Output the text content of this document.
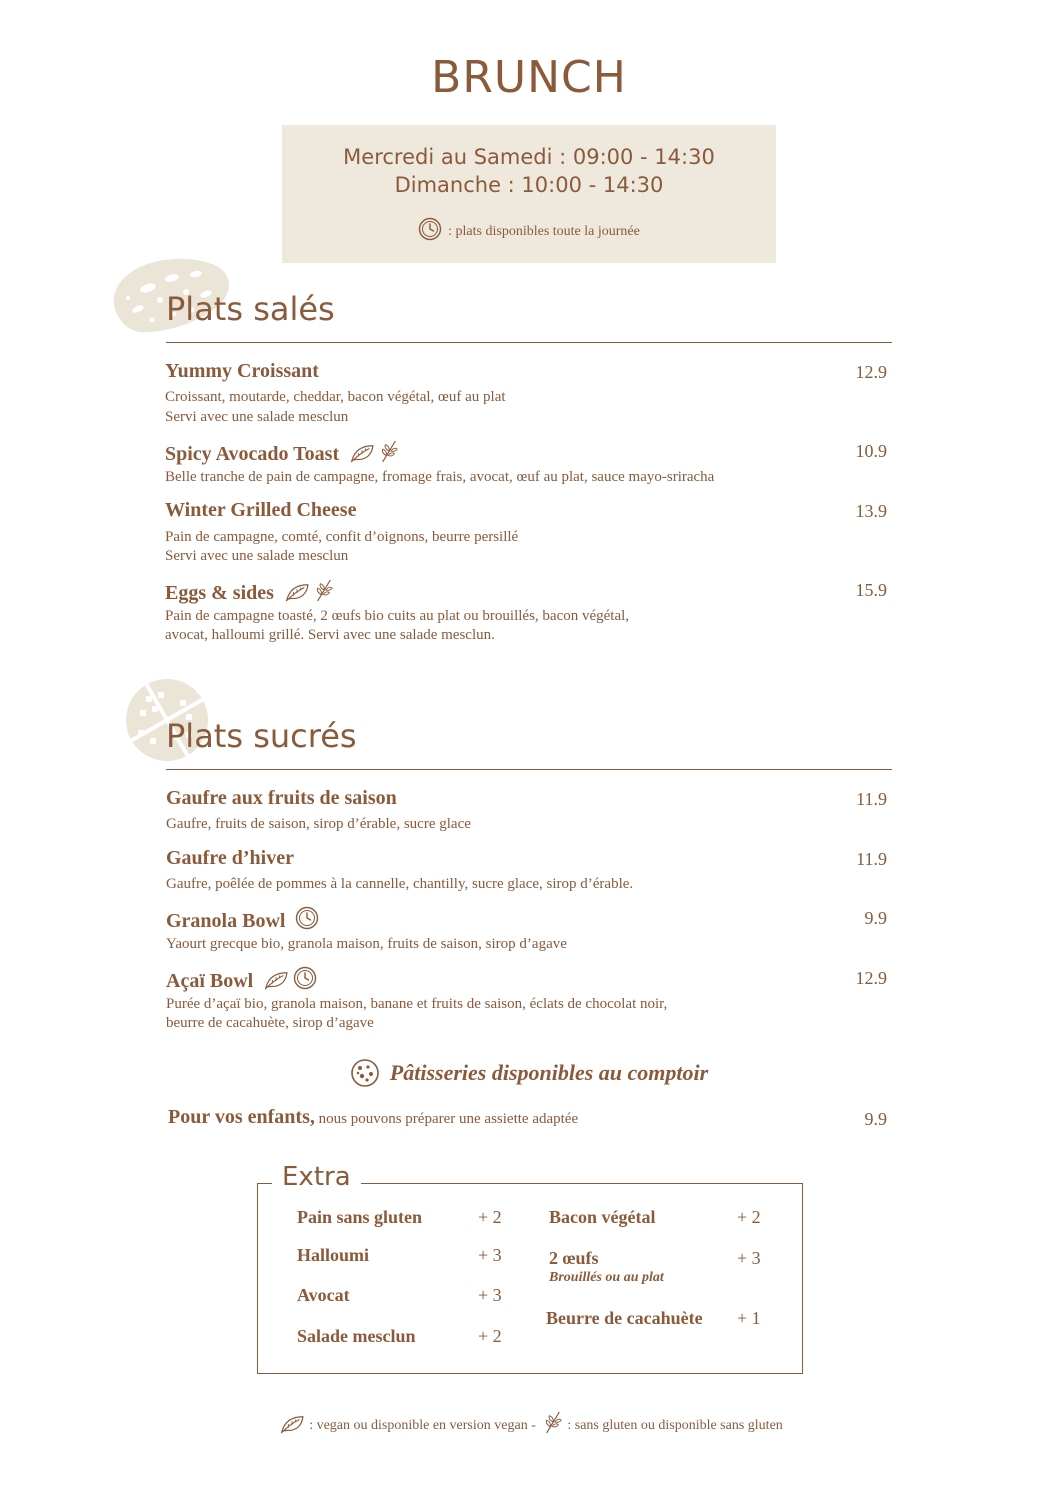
BRUNCH
Mercredi au Samedi : 09:00 - 14:30
Dimanche : 10:00 - 14:30
: plats disponibles toute la journée
Plats salés
Yummy Croissant	12.9
Croissant, moutarde, cheddar, bacon végétal, œuf au plat
Servi avec une salade mesclun
Spicy Avocado Toast	10.9
Belle tranche de pain de campagne, fromage frais, avocat, œuf au plat, sauce mayo-sriracha
Winter Grilled Cheese	13.9
Pain de campagne, comté, confit d’oignons, beurre persillé
Servi avec une salade mesclun
Eggs & sides	15.9
Pain de campagne toasté, 2 œufs bio cuits au plat ou brouillés, bacon végétal,
avocat, halloumi grillé. Servi avec une salade mesclun.
Plats sucrés
Gaufre aux fruits de saison	11.9
Gaufre, fruits de saison, sirop d’érable, sucre glace
Gaufre d’hiver	11.9
Gaufre, poêlée de pommes à la cannelle, chantilly, sucre glace, sirop d’érable.
Granola Bowl	9.9
Yaourt grecque bio, granola maison, fruits de saison, sirop d’agave
Açaï Bowl	12.9
Purée d’açaï bio, granola maison, banane et fruits de saison, éclats de chocolat noir,
beurre de cacahuète, sirop d’agave
Pâtisseries disponibles au comptoir
Pour vos enfants, nous pouvons préparer une assiette adaptée	9.9
Extra
Pain sans gluten	+ 2
Halloumi	+ 3
Avocat	+ 3
Salade mesclun	+ 2
Bacon végétal	+ 2
2 œufs	+ 3
Brouillés ou au plat
Beurre de cacahuète + 1
: vegan ou disponible en version vegan - : sans gluten ou disponible sans gluten
